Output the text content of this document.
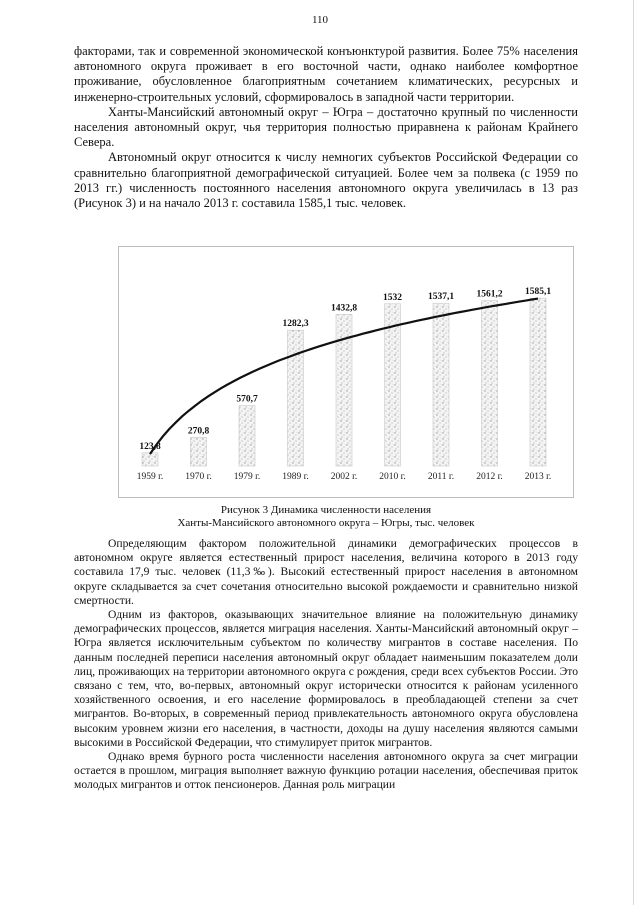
110

факторами, так и современной экономической конъюнктурой развития. Более 75% населения автономного округа проживает в его восточной части, однако наиболее комфортное проживание, обусловленное благоприятным сочетанием климатических, ресурсных и инженерно-строительных условий, сформировалось в западной части территории.

Ханты-Мансийский автономный округ – Югра – достаточно крупный по численности населения автономный округ, чья территория полностью приравнена к районам Крайнего Севера.

Автономный округ относится к числу немногих субъектов Российской Федерации со сравнительно благоприятной демографической ситуацией. Более чем за полвека (с 1959 по 2013 гг.) численность постоянного населения автономного округа увеличилась в 13 раз (Рисунок 3) и на начало 2013 г. составила 1585,1 тыс. человек.

123,8
270,8
570,7
1282,3
1432,8
1532	1537,1 1561,2 1585,1
1959 г. 1970 г. 1979 г. 1989 г. 2002 г. 2010 г. 2011 г. 2012 г. 2013 г.
Рисунок 3 Динамика численности населения
Ханты-Мансийского автономного округа – Югры, тыс. человек

Определяющим фактором положительной динамики демографических процессов в автономном округе является естественный прирост населения, величина которого в 2013 году составила 17,9 тыс. человек (11,3‰). Высокий естественный прирост населения в автономном округе складывается за счет сочетания относительно высокой рождаемости и сравнительно низкой смертности.

Одним из факторов, оказывающих значительное влияние на положительную динамику демографических процессов, является миграция населения. Ханты-Мансийский автономный округ – Югра является исключительным субъектом по количеству мигрантов в составе населения. По данным последней переписи населения автономный округ обладает наименьшим показателем доли лиц, проживающих на территории автономного округа с рождения, среди всех субъектов России. Это связано с тем, что, во-первых, автономный округ исторически относится к районам усиленного хозяйственного освоения, и его население формировалось в преобладающей степени за счет мигрантов. Во-вторых, в современный период привлекательность автономного округа обусловлена высоким уровнем жизни его населения, в частности, доходы на душу населения являются самыми высокими в Российской Федерации, что стимулирует приток мигрантов.

Однако время бурного роста численности населения автономного округа за счет миграции остается в прошлом, миграция выполняет важную функцию ротации населения, обеспечивая приток молодых мигрантов и отток пенсионеров. Данная роль миграции
